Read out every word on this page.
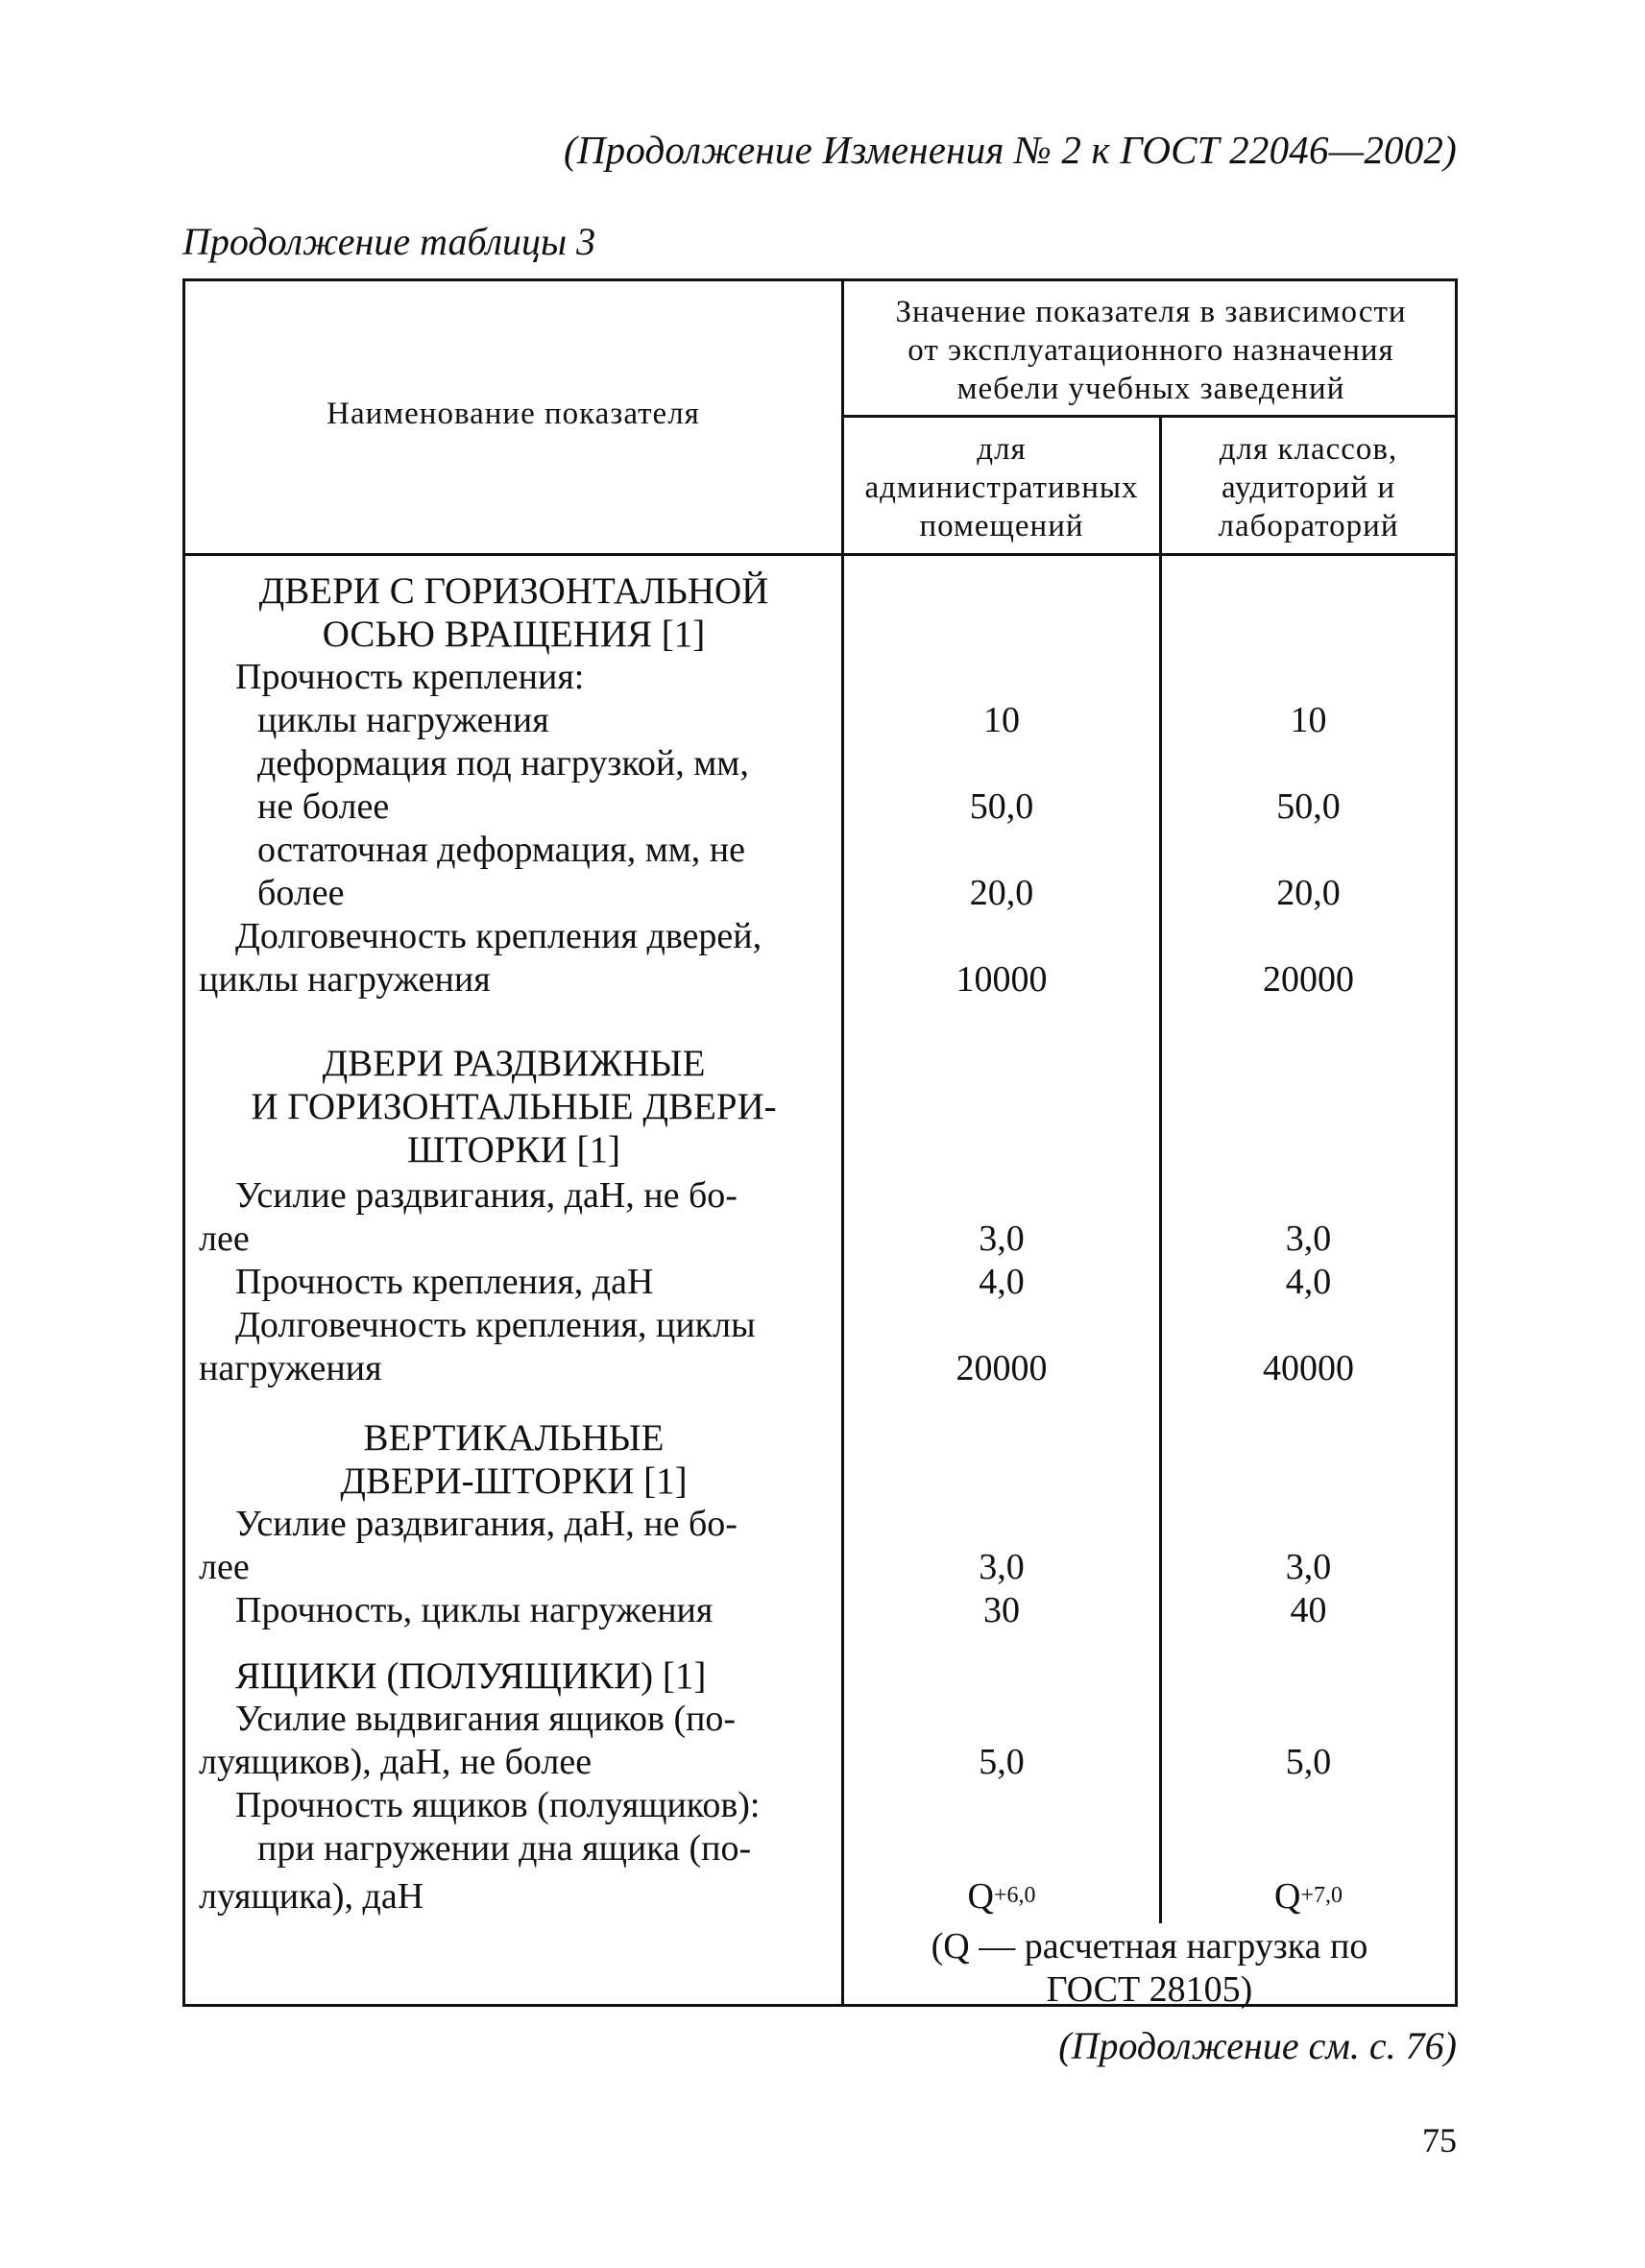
(Продолжение Изменения № 2 к ГОСТ 22046—2002)
Продолжение таблицы 3
Наименование показателя
Значение показателя в зависимости
от эксплуатационного назначения
мебели учебных заведений
для
административных
помещений
для классов,
аудиторий и
лабораторий
ДВЕРИ С ГОРИЗОНТАЛЬНОЙ
ОСЬЮ ВРАЩЕНИЯ [1]
Прочность крепления:
циклы нагружения	10	10
деформация под нагрузкой, мм,
не более	50,0	50,0
остаточная деформация, мм, не
более	20,0	20,0
Долговечность крепления дверей,
циклы нагружения	10000	20000
ДВЕРИ РАЗДВИЖНЫЕ
И ГОРИЗОНТАЛЬНЫЕ ДВЕРИ-
ШТОРКИ [1]
Усилие раздвигания, даН, не бо-
лее	3,0	3,0
Прочность крепления, даН	4,0	4,0
Долговечность крепления, циклы
нагружения	20000	40000
ВЕРТИКАЛЬНЫЕ
ДВЕРИ-ШТОРКИ [1]
Усилие раздвигания, даН, не бо-
лее	3,0	3,0
Прочность, циклы нагружения	30	40
ЯЩИКИ (ПОЛУЯЩИКИ) [1]
Усилие выдвигания ящиков (по-
луящиков), даН, не более	5,0	5,0
Прочность ящиков (полуящиков):
при нагружении дна ящика (по-
луящика), даН	$Q^{+6,0}$	$Q^{+7,0}$
(Q — расчетная нагрузка по
ГОСТ 28105)
(Продолжение см. с. 76)
75
